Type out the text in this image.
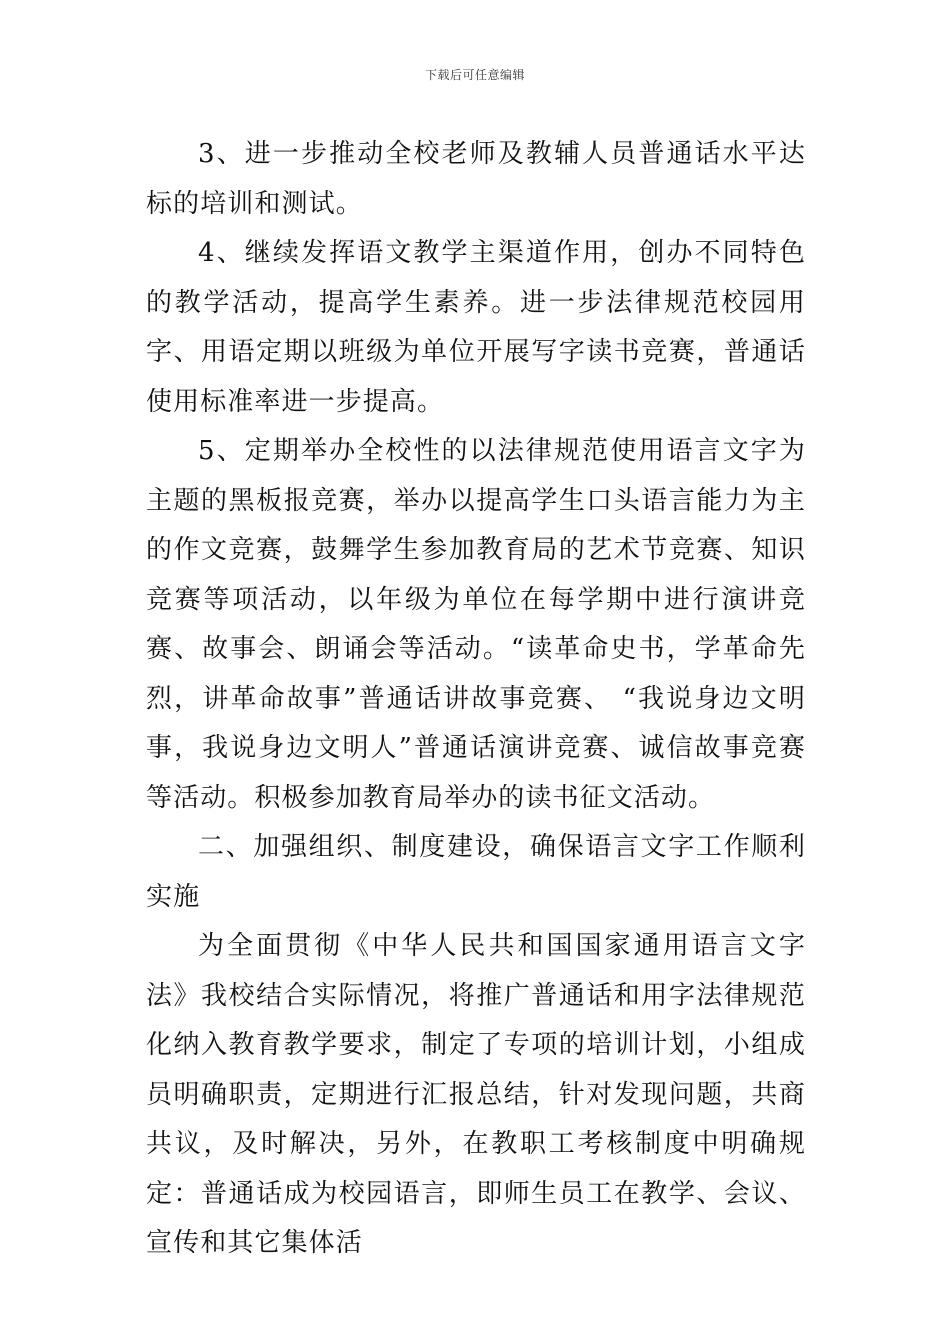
下载后可任意编辑

3、进一步推动全校老师及教辅人员普通话水平达标的培训和测试。

4、继续发挥语文教学主渠道作用，创办不同特色的教学活动，提高学生素养。进一步法律规范校园用字、用语定期以班级为单位开展写字读书竞赛，普通话使用标准率进一步提高。

5、定期举办全校性的以法律规范使用语言文字为主题的黑板报竞赛，举办以提高学生口头语言能力为主的作文竞赛，鼓舞学生参加教育局的艺术节竞赛、知识竞赛等项活动，以年级为单位在每学期中进行演讲竞赛、故事会、朗诵会等活动。“读革命史书，学革命先烈，讲革命故事”普通话讲故事竞赛、 “我说身边文明事，我说身边文明人”普通话演讲竞赛、诚信故事竞赛等活动。积极参加教育局举办的读书征文活动。

二、加强组织、制度建设，确保语言文字工作顺利实施

为全面贯彻《中华人民共和国国家通用语言文字法》我校结合实际情况，将推广普通话和用字法律规范化纳入教育教学要求，制定了专项的培训计划，小组成员明确职责，定期进行汇报总结，针对发现问题，共商共议，及时解决，另外，在教职工考核制度中明确规定：普通话成为校园语言，即师生员工在教学、会议、宣传和其它集体活
